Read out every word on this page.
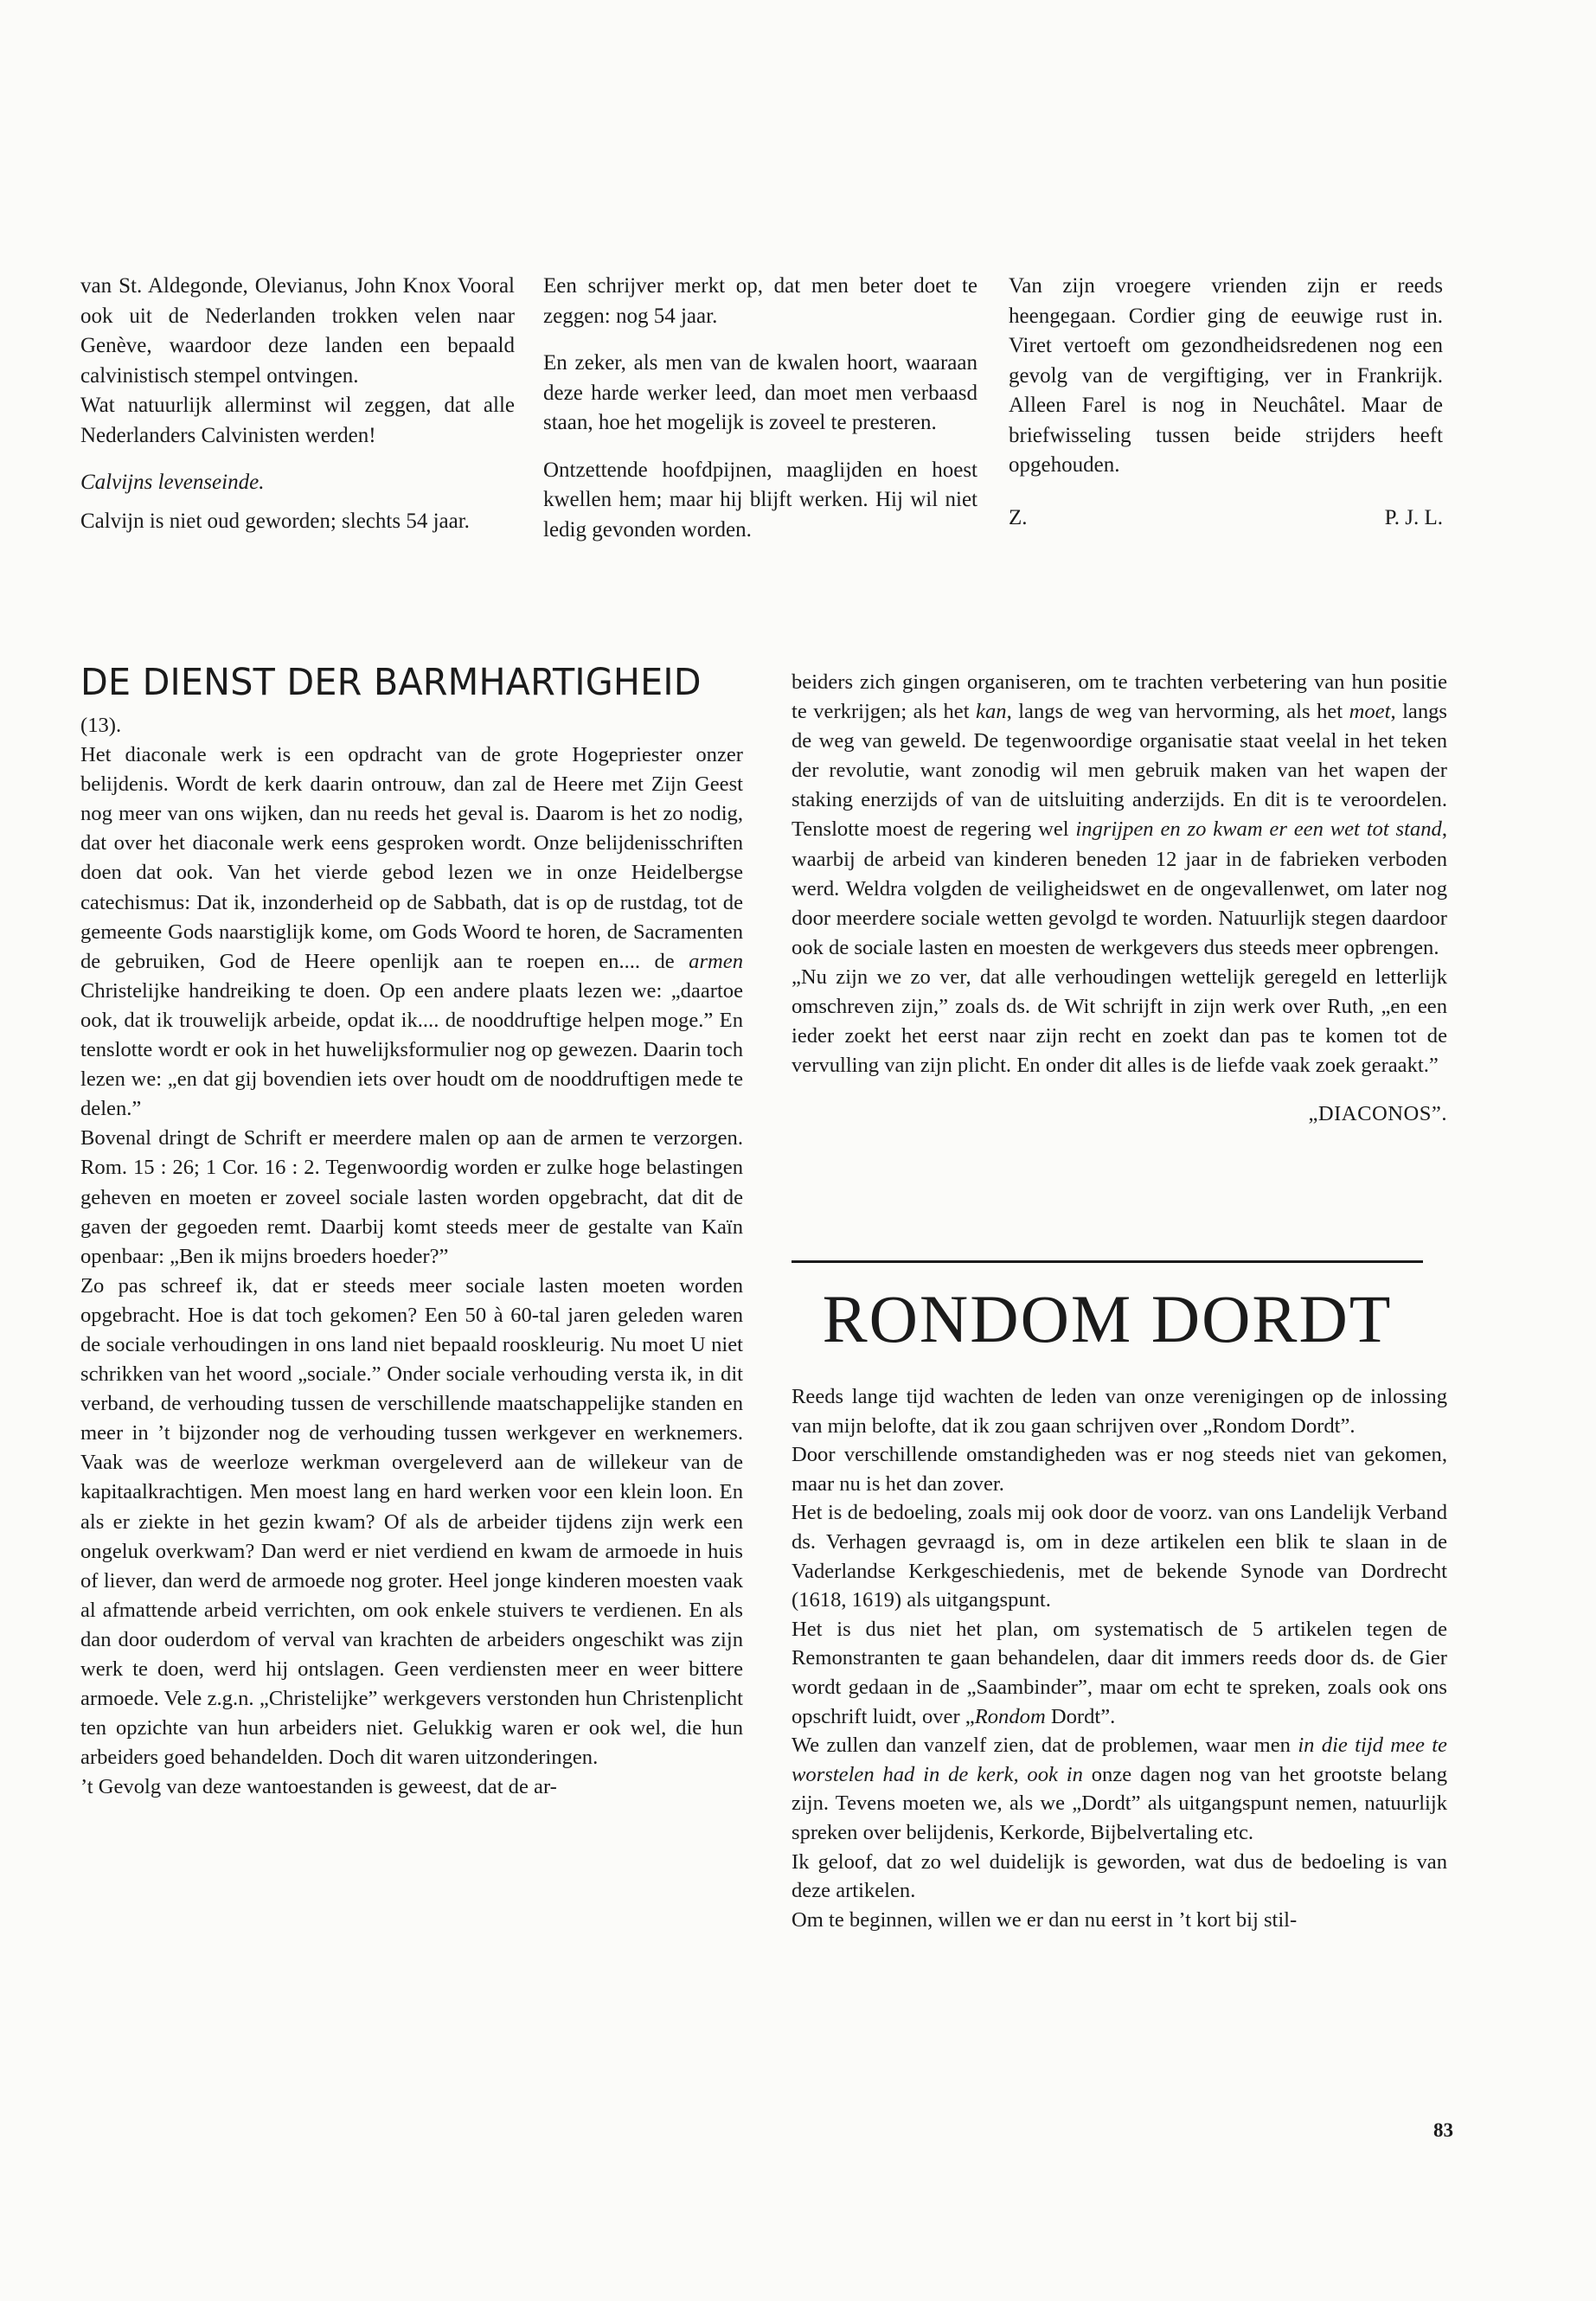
van St. Aldegonde, Olevianus, John Knox Vooral ook uit de Nederlanden trokken velen naar Genève, waardoor deze landen een bepaald calvinistisch stempel ontvingen.

Wat natuurlijk allerminst wil zeggen, dat alle Nederlanders Calvinisten werden!

Calvijns levenseinde.

Calvijn is niet oud geworden; slechts 54 jaar.

Een schrijver merkt op, dat men beter doet te zeggen: nog 54 jaar.

En zeker, als men van de kwalen hoort, waaraan deze harde werker leed, dan moet men verbaasd staan, hoe het mogelijk is zoveel te presteren.

Ontzettende hoofdpijnen, maaglijden en hoest kwellen hem; maar hij blijft werken. Hij wil niet ledig gevonden worden.

Van zijn vroegere vrienden zijn er reeds heengegaan. Cordier ging de eeuwige rust in. Viret vertoeft om gezondheidsredenen nog een gevolg van de vergiftiging, ver in Frankrijk. Alleen Farel is nog in Neuchâtel. Maar de briefwisseling tussen beide strijders heeft opgehouden.

Z.	P. J. L.
DE DIENST DER BARMHARTIGHEID

(13).

Het diaconale werk is een opdracht van de grote Hogepriester onzer belijdenis. Wordt de kerk daarin ontrouw, dan zal de Heere met Zijn Geest nog meer van ons wijken, dan nu reeds het geval is. Daarom is het zo nodig, dat over het diaconale werk eens gesproken wordt. Onze belijdenisschriften doen dat ook. Van het vierde gebod lezen we in onze Heidelbergse catechismus: Dat ik, inzonderheid op de Sabbath, dat is op de rustdag, tot de gemeente Gods naarstiglijk kome, om Gods Woord te horen, de Sacramenten de gebruiken, God de Heere openlijk aan te roepen en.... de armen Christelijke handreiking te doen. Op een andere plaats lezen we: „daartoe ook, dat ik trouwelijk arbeide, opdat ik.... de nooddruftige helpen moge.” En tenslotte wordt er ook in het huwelijksformulier nog op gewezen. Daarin toch lezen we: „en dat gij bovendien iets over houdt om de nooddruftigen mede te delen.”

Bovenal dringt de Schrift er meerdere malen op aan de armen te verzorgen. Rom. 15 : 26; 1 Cor. 16 : 2. Tegenwoordig worden er zulke hoge belastingen geheven en moeten er zoveel sociale lasten worden opgebracht, dat dit de gaven der gegoeden remt. Daarbij komt steeds meer de gestalte van Kaïn openbaar: „Ben ik mijns broeders hoeder?”

Zo pas schreef ik, dat er steeds meer sociale lasten moeten worden opgebracht. Hoe is dat toch gekomen? Een 50 à 60-tal jaren geleden waren de sociale verhoudingen in ons land niet bepaald rooskleurig. Nu moet U niet schrikken van het woord „sociale.” Onder sociale verhouding versta ik, in dit verband, de verhouding tussen de verschillende maatschappelijke standen en meer in ’t bijzonder nog de verhouding tussen werkgever en werknemers. Vaak was de weerloze werkman overgeleverd aan de willekeur van de kapitaalkrachtigen. Men moest lang en hard werken voor een klein loon. En als er ziekte in het gezin kwam? Of als de arbeider tijdens zijn werk een ongeluk overkwam? Dan werd er niet verdiend en kwam de armoede in huis of liever, dan werd de armoede nog groter. Heel jonge kinderen moesten vaak al afmattende arbeid verrichten, om ook enkele stuivers te verdienen. En als dan door ouderdom of verval van krachten de arbeiders ongeschikt was zijn werk te doen, werd hij ontslagen. Geen verdiensten meer en weer bittere armoede. Vele z.g.n. „Christelijke” werkgevers verstonden hun Christenplicht ten opzichte van hun arbeiders niet. Gelukkig waren er ook wel, die hun arbeiders goed behandelden. Doch dit waren uitzonderingen.

’t Gevolg van deze wantoestanden is geweest, dat de ar-

beiders zich gingen organiseren, om te trachten verbetering van hun positie te verkrijgen; als het kan, langs de weg van hervorming, als het moet, langs de weg van geweld. De tegenwoordige organisatie staat veelal in het teken der revolutie, want zonodig wil men gebruik maken van het wapen der staking enerzijds of van de uitsluiting anderzijds. En dit is te veroordelen. Tenslotte moest de regering wel ingrijpen en zo kwam er een wet tot stand, waarbij de arbeid van kinderen beneden 12 jaar in de fabrieken verboden werd. Weldra volgden de veiligheidswet en de ongevallenwet, om later nog door meerdere sociale wetten gevolgd te worden. Natuurlijk stegen daardoor ook de sociale lasten en moesten de werkgevers dus steeds meer opbrengen.

„Nu zijn we zo ver, dat alle verhoudingen wettelijk geregeld en letterlijk omschreven zijn,” zoals ds. de Wit schrijft in zijn werk over Ruth, „en een ieder zoekt het eerst naar zijn recht en zoekt dan pas te komen tot de vervulling van zijn plicht. En onder dit alles is de liefde vaak zoek geraakt.”

„DIACONOS”.

RONDOM DORDT

Reeds lange tijd wachten de leden van onze verenigingen op de inlossing van mijn belofte, dat ik zou gaan schrijven over „Rondom Dordt”.

Door verschillende omstandigheden was er nog steeds niet van gekomen, maar nu is het dan zover.

Het is de bedoeling, zoals mij ook door de voorz. van ons Landelijk Verband ds. Verhagen gevraagd is, om in deze artikelen een blik te slaan in de Vaderlandse Kerkgeschiedenis, met de bekende Synode van Dordrecht (1618, 1619) als uitgangspunt.

Het is dus niet het plan, om systematisch de 5 artikelen tegen de Remonstranten te gaan behandelen, daar dit immers reeds door ds. de Gier wordt gedaan in de „Saambinder”, maar om echt te spreken, zoals ook ons opschrift luidt, over „Rondom Dordt”.

We zullen dan vanzelf zien, dat de problemen, waar men in die tijd mee te worstelen had in de kerk, ook in onze dagen nog van het grootste belang zijn. Tevens moeten we, als we „Dordt” als uitgangspunt nemen, natuurlijk spreken over belijdenis, Kerkorde, Bijbelvertaling etc.

Ik geloof, dat zo wel duidelijk is geworden, wat dus de bedoeling is van deze artikelen.

Om te beginnen, willen we er dan nu eerst in ’t kort bij stil-

83
